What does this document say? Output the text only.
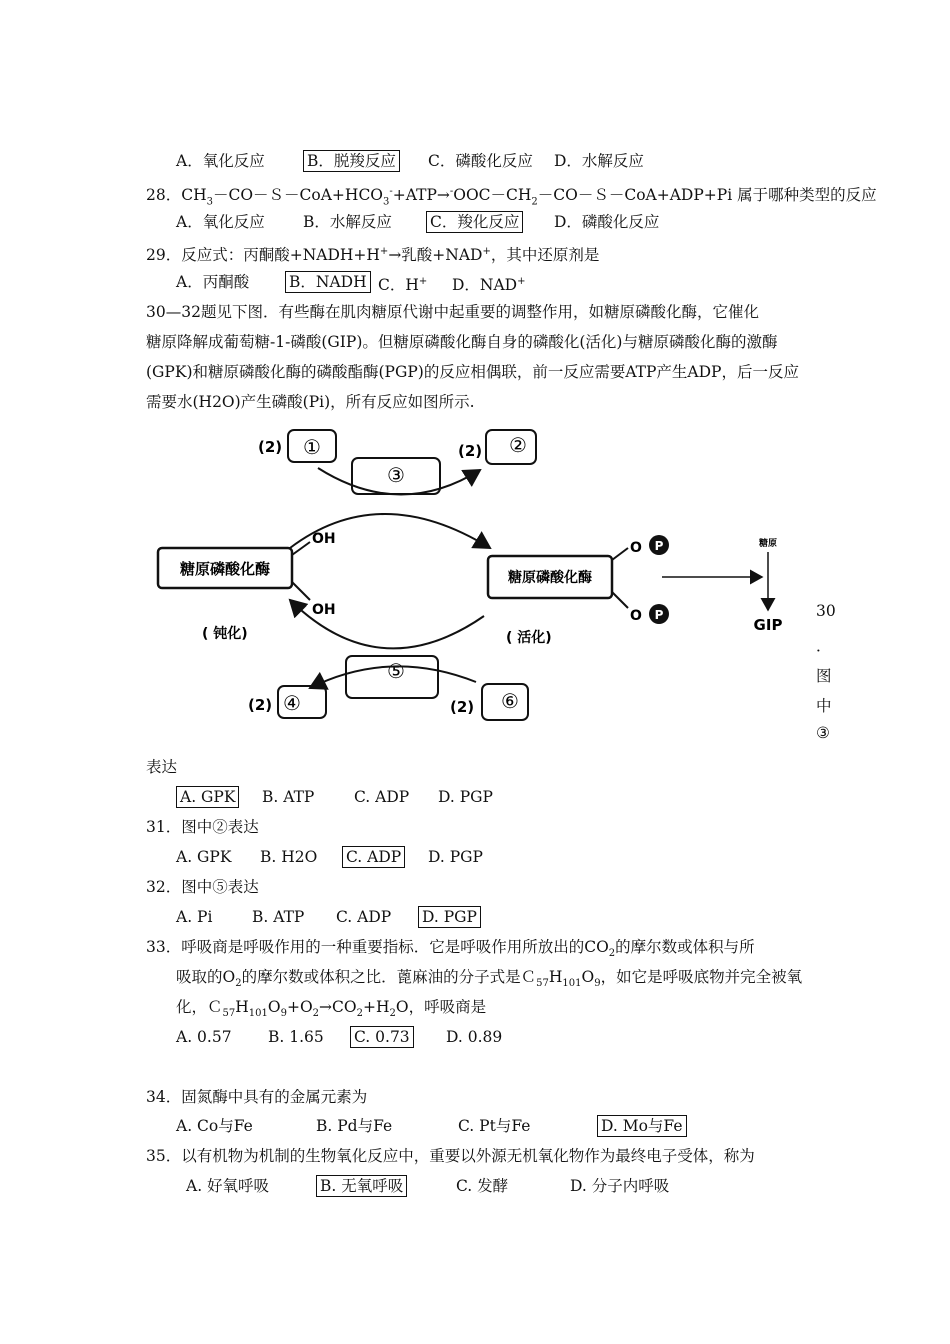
A．氧化反应	B．脱羧反应 C．磷酸化反应 D．水解反应
28．$CH_3-CO-S-CoA+HCO_3^-+ATP\to^-OOC-CH_2-CO-S-CoA+ADP+Pi$ 属于哪种类型的反应
A．氧化反应 B．水解反应 C．羧化反应 D．磷酸化反应
29．反应式：丙酮酸+NADH+H+→乳酸+NAD+，其中还原剂是
A．丙酮酸	B．NADH C．H+ D．NAD+
30—32题见下图．有些酶在肌肉糖原代谢中起重要的调整作用，如糖原磷酸化酶，它催化
糖原降解成葡萄糖-1-磷酸(GIP)。但糖原磷酸化酶自身的磷酸化(活化)与糖原磷酸化酶的激酶
(GPK)和糖原磷酸化酶的磷酸酯酶(PGP)的反应相偶联，前一反应需要ATP产生ADP，后一反应
需要水(H2O)产生磷酸(Pi)，所有反应如图所示.
(2)	(2)
(2)	(2)
①	②
③
糖原磷酸化酶
OH
OH
糖原磷酸化酶
O P
O P
糖原
GIP
( 钝化)	( 活化)
⑤
④	⑥
30
．
图
中
③
表达
A. GPK B. ATP	C. ADP D. PGP
31．图中②表达
A. GPK B. H2O C. ADP D. PGP
32．图中⑤表达
A. Pi	B. ATP C. ADP D. PGP
33．呼吸商是呼吸作用的一种重要指标．它是呼吸作用所放出的$CO_2$的摩尔数或体积与所
吸取的$O_2$的摩尔数或体积之比．蓖麻油的分子式是$C_{57}H_{101}O_9$，如它是呼吸底物并完全被氧
化，$C_{57}H_{101}O_9+O_2\to CO_2+H_2O$，呼吸商是
A. 0.57 B. 1.65 C. 0.73 D. 0.89
34．固氮酶中具有的金属元素为
A. Co与Fe	B. Pd与Fe	C. Pt与Fe	D. Mo与Fe
35．以有机物为机制的生物氧化反应中，重要以外源无机氧化物作为最终电子受体，称为
A. 好氧呼吸	B. 无氧呼吸	C. 发酵	D. 分子内呼吸
